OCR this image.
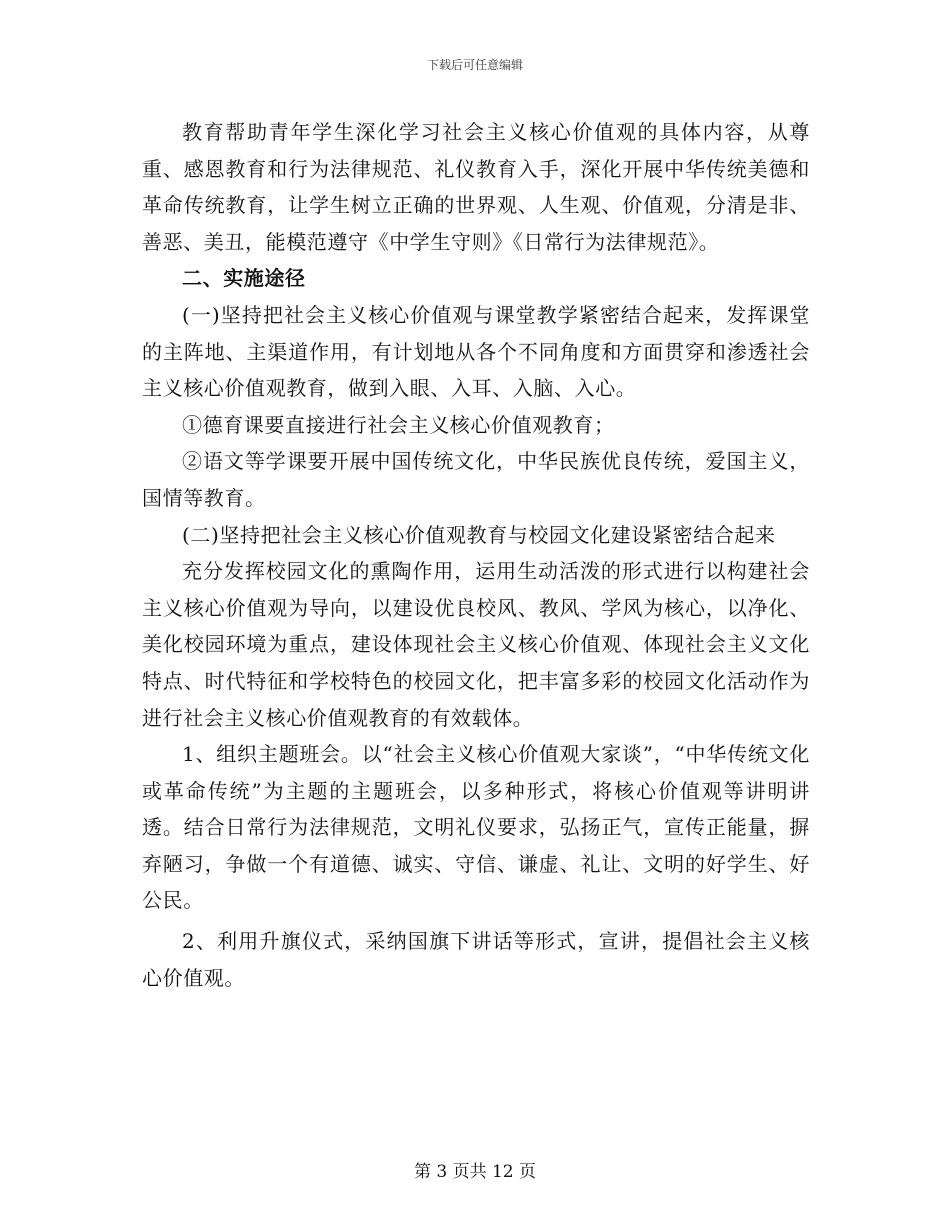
下载后可任意编辑

教育帮助青年学生深化学习社会主义核心价值观的具体内容，从尊重、感恩教育和行为法律规范、礼仪教育入手，深化开展中华传统美德和革命传统教育，让学生树立正确的世界观、人生观、价值观，分清是非、善恶、美丑，能模范遵守《中学生守则》《日常行为法律规范》。

二、实施途径

(一)坚持把社会主义核心价值观与课堂教学紧密结合起来，发挥课堂的主阵地、主渠道作用，有计划地从各个不同角度和方面贯穿和渗透社会主义核心价值观教育，做到入眼、入耳、入脑、入心。

①德育课要直接进行社会主义核心价值观教育；

②语文等学课要开展中国传统文化，中华民族优良传统，爱国主义，国情等教育。

(二)坚持把社会主义核心价值观教育与校园文化建设紧密结合起来

充分发挥校园文化的熏陶作用，运用生动活泼的形式进行以构建社会主义核心价值观为导向，以建设优良校风、教风、学风为核心，以净化、美化校园环境为重点，建设体现社会主义核心价值观、体现社会主义文化特点、时代特征和学校特色的校园文化，把丰富多彩的校园文化活动作为进行社会主义核心价值观教育的有效载体。

1、组织主题班会。以“社会主义核心价值观大家谈”，“中华传统文化或革命传统”为主题的主题班会，以多种形式，将核心价值观等讲明讲透。结合日常行为法律规范，文明礼仪要求，弘扬正气，宣传正能量，摒弃陋习，争做一个有道德、诚实、守信、谦虚、礼让、文明的好学生、好公民。

2、利用升旗仪式，采纳国旗下讲话等形式，宣讲，提倡社会主义核心价值观。

第 3 页共 12 页
